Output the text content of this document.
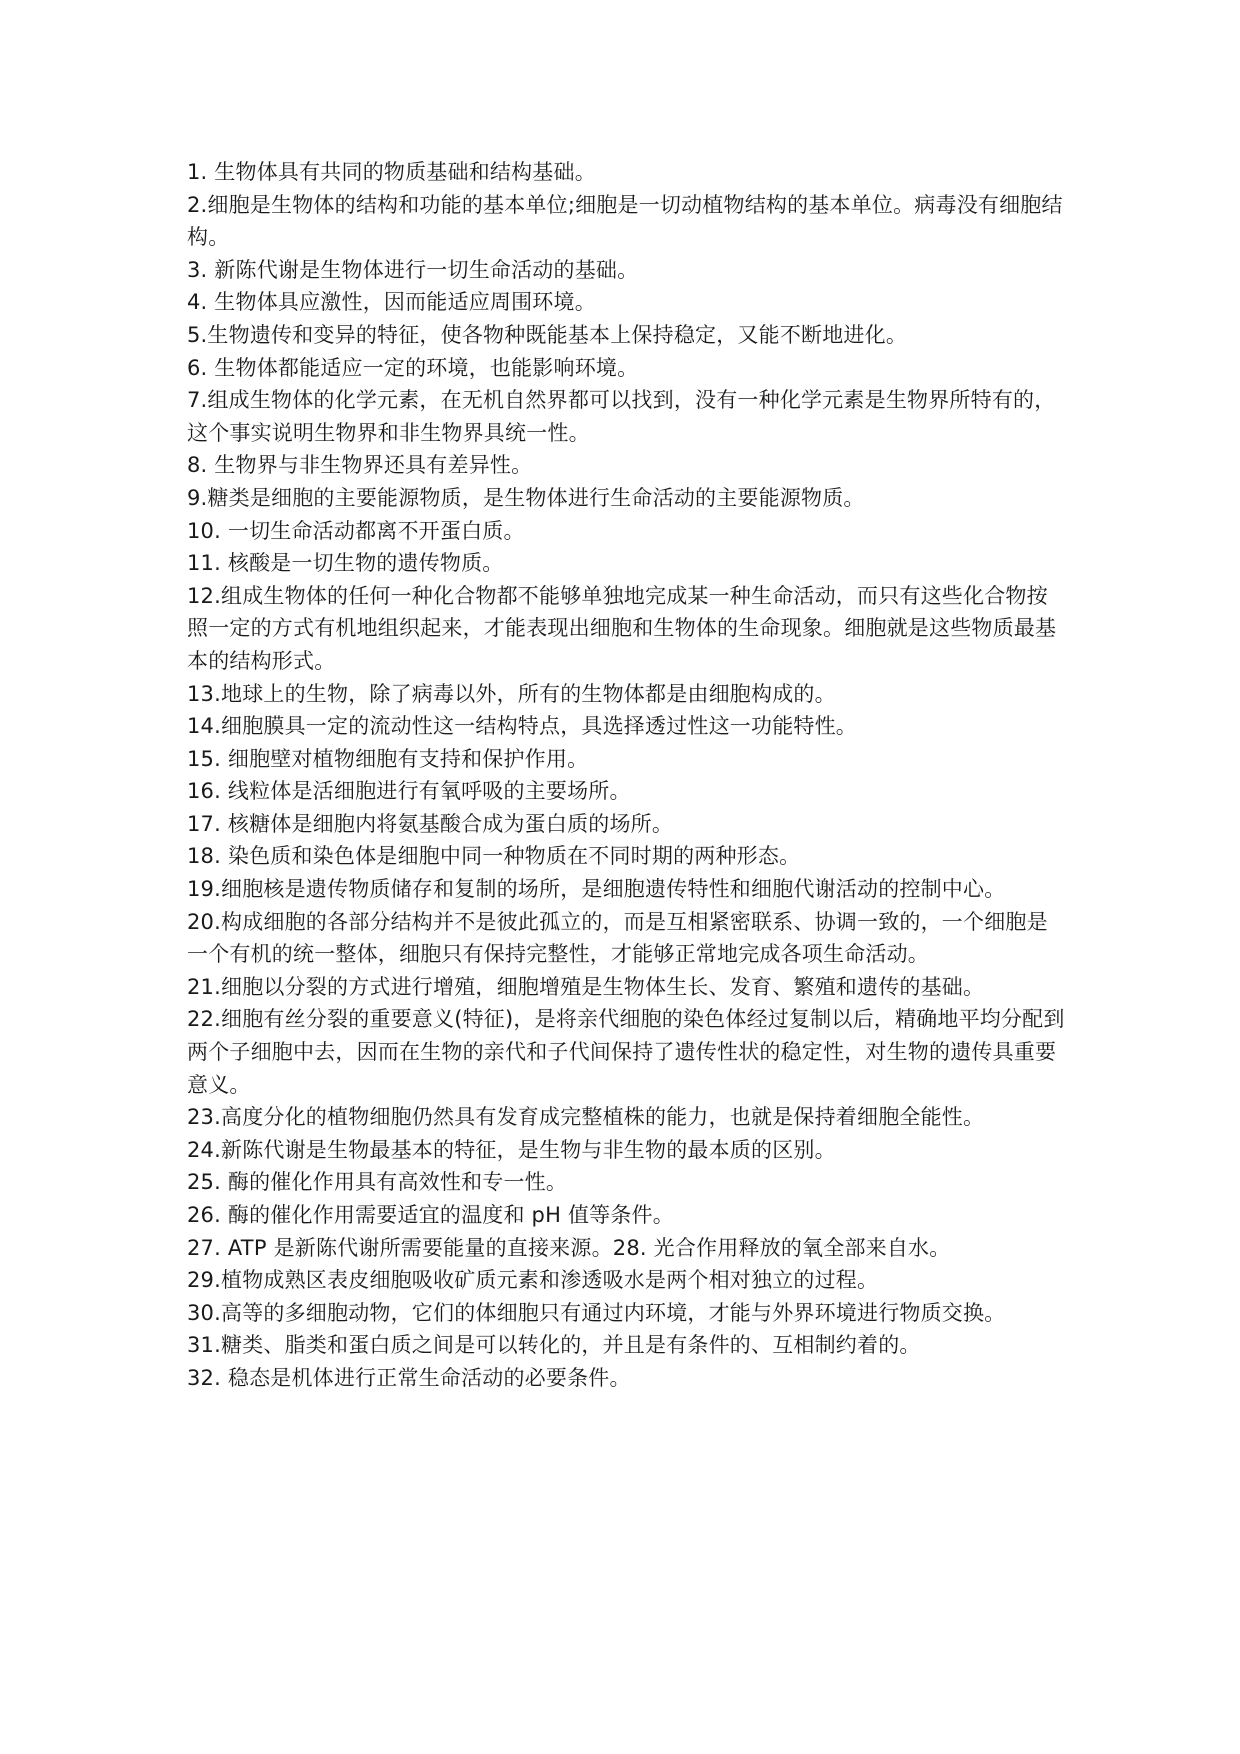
1. 生物体具有共同的物质基础和结构基础。

2.细胞是生物体的结构和功能的基本单位;细胞是一切动植物结构的基本单位。病毒没有细胞结构。

3. 新陈代谢是生物体进行一切生命活动的基础。

4. 生物体具应激性，因而能适应周围环境。

5.生物遗传和变异的特征，使各物种既能基本上保持稳定，又能不断地进化。

6. 生物体都能适应一定的环境，也能影响环境。

7.组成生物体的化学元素，在无机自然界都可以找到，没有一种化学元素是生物界所特有的，这个事实说明生物界和非生物界具统一性。

8. 生物界与非生物界还具有差异性。

9.糖类是细胞的主要能源物质，是生物体进行生命活动的主要能源物质。

10. 一切生命活动都离不开蛋白质。

11. 核酸是一切生物的遗传物质。

12.组成生物体的任何一种化合物都不能够单独地完成某一种生命活动，而只有这些化合物按照一定的方式有机地组织起来，才能表现出细胞和生物体的生命现象。细胞就是这些物质最基本的结构形式。

13.地球上的生物，除了病毒以外，所有的生物体都是由细胞构成的。

14.细胞膜具一定的流动性这一结构特点，具选择透过性这一功能特性。

15. 细胞壁对植物细胞有支持和保护作用。

16. 线粒体是活细胞进行有氧呼吸的主要场所。

17. 核糖体是细胞内将氨基酸合成为蛋白质的场所。

18. 染色质和染色体是细胞中同一种物质在不同时期的两种形态。

19.细胞核是遗传物质储存和复制的场所，是细胞遗传特性和细胞代谢活动的控制中心。

20.构成细胞的各部分结构并不是彼此孤立的，而是互相紧密联系、协调一致的，一个细胞是一个有机的统一整体，细胞只有保持完整性，才能够正常地完成各项生命活动。

21.细胞以分裂的方式进行增殖，细胞增殖是生物体生长、发育、繁殖和遗传的基础。

22.细胞有丝分裂的重要意义(特征)，是将亲代细胞的染色体经过复制以后，精确地平均分配到两个子细胞中去，因而在生物的亲代和子代间保持了遗传性状的稳定性，对生物的遗传具重要意义。

23.高度分化的植物细胞仍然具有发育成完整植株的能力，也就是保持着细胞全能性。

24.新陈代谢是生物最基本的特征，是生物与非生物的最本质的区别。

25. 酶的催化作用具有高效性和专一性。

26. 酶的催化作用需要适宜的温度和 pH 值等条件。

27. ATP 是新陈代谢所需要能量的直接来源。28. 光合作用释放的氧全部来自水。

29.植物成熟区表皮细胞吸收矿质元素和渗透吸水是两个相对独立的过程。

30.高等的多细胞动物，它们的体细胞只有通过内环境，才能与外界环境进行物质交换。

31.糖类、脂类和蛋白质之间是可以转化的，并且是有条件的、互相制约着的。

32. 稳态是机体进行正常生命活动的必要条件。
